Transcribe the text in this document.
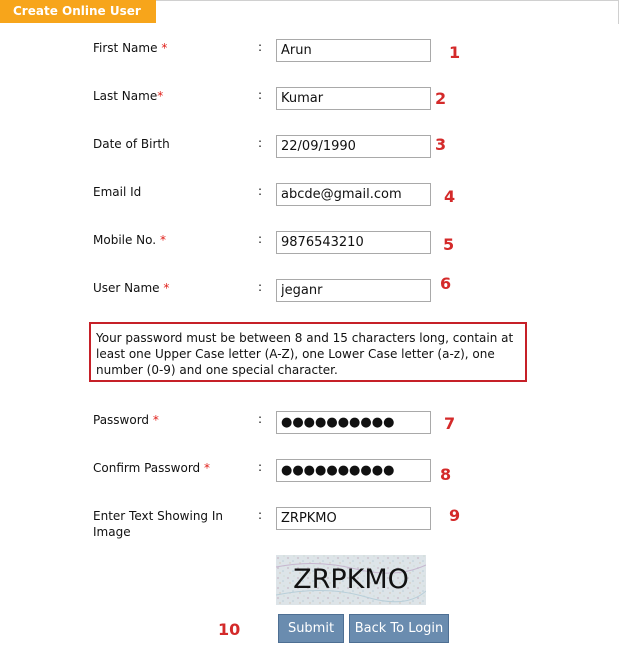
Create Online User
First Name *	:
Arun	1
Last Name*	:
Kumar	2
Date of Birth	:
22/09/1990	3
Email Id	:
abcde@gmail.com	4
Mobile No. *	:
9876543210	5
User Name *	:
jeganr	6
Your password must be between 8 and 15 characters long, contain at least one Upper Case letter (A-Z), one Lower Case letter (a-z), one number (0-9) and one special character.
Password *	:
●●●●●●●●●●	7
Confirm Password *	:
●●●●●●●●●●	8
Enter Text Showing In Image
:
ZRPKMO	9
ZRPKMO
10	Submit	Back To Login
